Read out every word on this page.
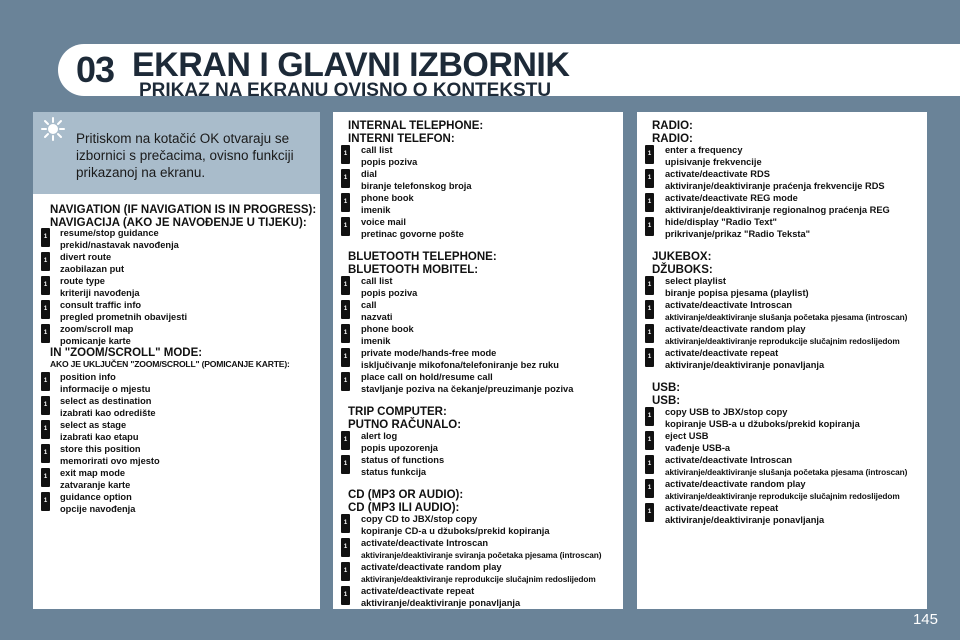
03 EKRAN I GLAVNI IZBORNIK
PRIKAZ NA EKRANU OVISNO O KONTEKSTU
Pritiskom na kotačić OK otvaraju se izbornici s prečacima, ovisno funkciji prikazanoj na ekranu.
NAVIGATION (IF NAVIGATION IS IN PROGRESS):
NAVIGACIJA (AKO JE NAVOĐENJE U TIJEKU):
resume/stop guidance
prekid/nastavak navođenja
divert route
zaobilazan put
route type
kriteriji navođenja
consult traffic info
pregled prometnih obavijesti
zoom/scroll map
pomicanje karte
1
1
1
1
1
IN "ZOOM/SCROLL" MODE:
AKO JE UKLJUČEN "ZOOM/SCROLL" (POMICANJE KARTE):
position info
informacije o mjestu
select as destination
izabrati kao odredište
select as stage
izabrati kao etapu
store this position
memorirati ovo mjesto
exit map mode
zatvaranje karte
guidance option
opcije navođenja
1
1
1
1
1
1
INTERNAL TELEPHONE:
INTERNI TELEFON:
call list
popis poziva
dial
biranje telefonskog broja
phone book
imenik
voice mail
pretinac govorne pošte
1
1
1
1
BLUETOOTH TELEPHONE:
BLUETOOTH MOBITEL:
call list
popis poziva
call
nazvati
phone book
imenik
private mode/hands-free mode
isključivanje mikofona/telefoniranje bez ruku
place call on hold/resume call
stavljanje poziva na čekanje/preuzimanje poziva
1
1
1
1
1
TRIP COMPUTER:
PUTNO RAČUNALO:
alert log
popis upozorenja
status of functions
status funkcija
1
1
CD (MP3 OR AUDIO):
CD (MP3 ILI AUDIO):
copy CD to JBX/stop copy
kopiranje CD-a u džuboks/prekid kopiranja
activate/deactivate Introscan
aktiviranje/deaktiviranje sviranja početaka pjesama (introscan)
activate/deactivate random play
aktiviranje/deaktiviranje reprodukcije slučajnim redoslijedom
activate/deactivate repeat
aktiviranje/deaktiviranje ponavljanja
1
1
1
1
RADIO:
RADIO:
enter a frequency
upisivanje frekvencije
activate/deactivate RDS
aktiviranje/deaktiviranje praćenja frekvencije RDS
activate/deactivate REG mode
aktiviranje/deaktiviranje regionalnog praćenja REG
hide/display "Radio Text"
prikrivanje/prikaz "Radio Teksta"
1
1
1
1
JUKEBOX:
DŽUBOKS:
select playlist
biranje popisa pjesama (playlist)
activate/deactivate Introscan
aktiviranje/deaktiviranje slušanja početaka pjesama (introscan)
activate/deactivate random play
aktiviranje/deaktiviranje reprodukcije slučajnim redoslijedom
activate/deactivate repeat
aktiviranje/deaktiviranje ponavljanja
1
1
1
1
USB:
USB:
copy USB to JBX/stop copy
kopiranje USB-a u džuboks/prekid kopiranja
eject USB
vađenje USB-a
activate/deactivate Introscan
aktiviranje/deaktiviranje slušanja početaka pjesama (introscan)
activate/deactivate random play
aktiviranje/deaktiviranje reprodukcije slučajnim redoslijedom
activate/deactivate repeat
aktiviranje/deaktiviranje ponavljanja
1
1
1
1
1
145
